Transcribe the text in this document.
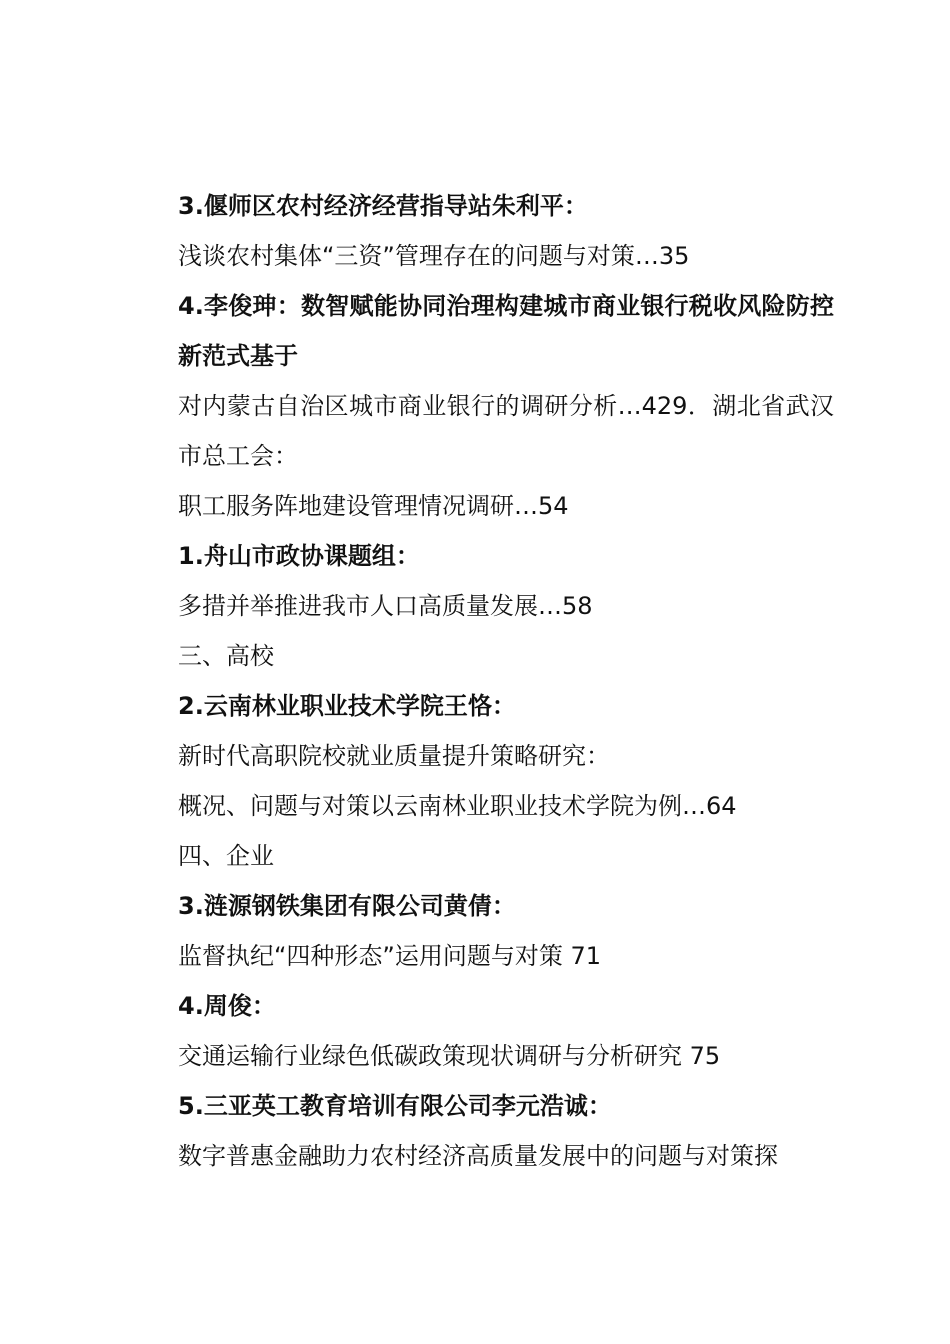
3.偃师区农村经济经营指导站朱利平：

浅谈农村集体“三资”管理存在的问题与对策…35

4.李俊珅：数智赋能协同治理构建城市商业银行税收风险防控新范式基于

对内蒙古自治区城市商业银行的调研分析…429．湖北省武汉市总工会：

职工服务阵地建设管理情况调研…54

1.舟山市政协课题组：

多措并举推进我市人口高质量发展…58

三、高校

2.云南林业职业技术学院王恪：

新时代高职院校就业质量提升策略研究：

概况、问题与对策以云南林业职业技术学院为例…64

四、企业

3.涟源钢铁集团有限公司黄倩：

监督执纪“四种形态”运用问题与对策 71

4.周俊：

交通运输行业绿色低碳政策现状调研与分析研究 75

5.三亚英工教育培训有限公司李元浩诚：

数字普惠金融助力农村经济高质量发展中的问题与对策探
